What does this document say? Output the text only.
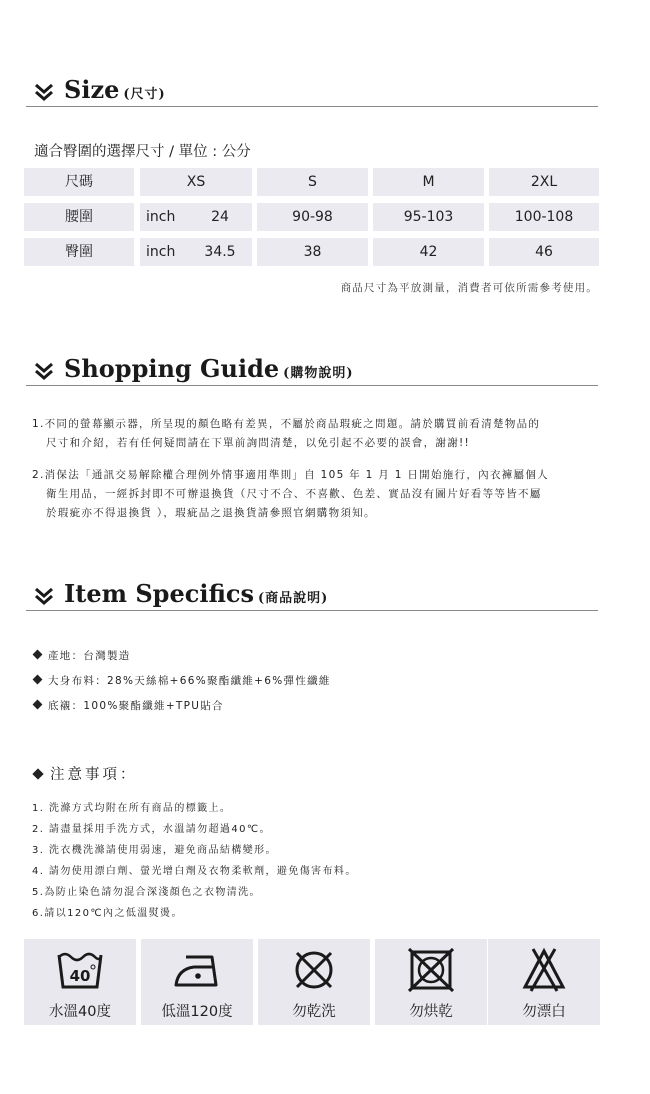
Size (尺寸)
適合臀圍的選擇尺寸 / 單位 : 公分
尺碼	XS	S	M	2XL
腰圍	inch	24	90-98	95-103	100-108
臀圍	inch	34.5	38	42	46
商品尺寸為平放測量，消費者可依所需參考使用。
Shopping Guide (購物說明)
1.不同的螢幕顯示器，所呈現的顏色略有差異，不屬於商品瑕疵之問題。請於購買前看清楚物品的
尺寸和介紹，若有任何疑問請在下單前詢問清楚，以免引起不必要的誤會，謝謝!!
2.消保法「通訊交易解除權合理例外情事適用準則」自 105 年 1 月 1 日開始施行，內衣褲屬個人
衛生用品，一經拆封即不可辦退換貨（尺寸不合、不喜歡、色差、實品沒有圖片好看等等皆不屬
於瑕疵亦不得退換貨 ），瑕疵品之退換貨請參照官網購物須知。
Item Specifics (商品說明)
產地：台灣製造
大身布料：28%天絲棉+66%聚酯纖維+6%彈性纖維
底襯：100%聚酯纖維+TPU貼合
注意事項：
1. 洗滌方式均附在所有商品的標籤上。
2. 請盡量採用手洗方式，水溫請勿超過40℃。
3. 洗衣機洗滌請使用弱速，避免商品結構變形。
4. 請勿使用漂白劑、螢光增白劑及衣物柔軟劑，避免傷害布料。
5.為防止染色請勿混合深淺顏色之衣物清洗。
6.請以120℃內之低溫熨燙。
40
水溫40度	低溫120度	勿乾洗	勿烘乾	勿漂白
